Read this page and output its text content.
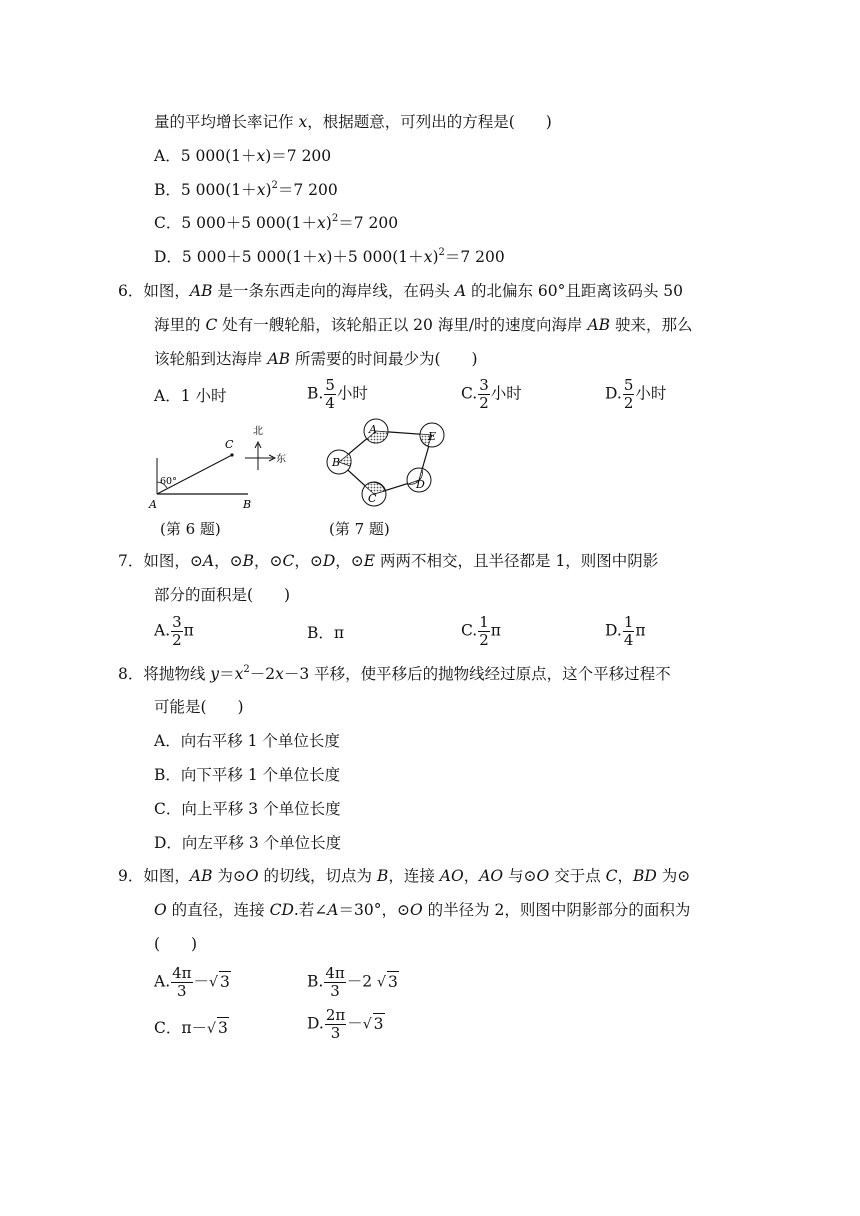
量的平均增长率记作 x，根据题意，可列出的方程是(　　)
A．5 000(1＋x)＝7 200
B．5 $000(1+x)^2=7$ 200
C．5 000＋5 $000(1+x)^2=7$ 200
D．5 000＋5 000(1＋x)＋5 $000(1+x)^2=7$ 200
6．如图，AB 是一条东西走向的海岸线，在码头 A 的北偏东 60°且距离该码头 50
海里的 C 处有一艘轮船，该轮船正以 20 海里/时的速度向海岸 AB 驶来，那么
该轮船到达海岸 AB 所需要的时间最少为(　　)
A．1 小时	B. $\frac{5}{4}$ 小时	C. $\frac{3}{2}$ 小时	D. $\frac{5}{2}$ 小时
60°
A	B
C
北
东
(第 6 题)
A
E
B
D
C
(第 7 题)
7．如图，⊙A，⊙B，⊙C，⊙D，⊙E 两两不相交，且半径都是 1，则图中阴影
部分的面积是(　　)
A. $\frac{3}{2}$ π	B．π	C. $\frac{1}{2}$ π	D. $\frac{1}{4}$ π
8．将抛物线 $y=x^2-2x-3$ 平移，使平移后的抛物线经过原点，这个平移过程不
可能是(　　)
A．向右平移 1 个单位长度
B．向下平移 1 个单位长度
C．向上平移 3 个单位长度
D．向左平移 3 个单位长度
9．如图，AB 为⊙O 的切线，切点为 B，连接 AO，AO 与⊙O 交于点 C，BD 为⊙
O 的直径，连接 CD.若∠A＝30°，⊙O 的半径为 2，则图中阴影部分的面积为
(　　)
A. $\frac{4\pi}{3}$ －√ 3	B. $\frac{4\pi}{3} -2$ √ 3
C．π－√ 3	D. $\frac{2\pi}{3}$ －√ 3
